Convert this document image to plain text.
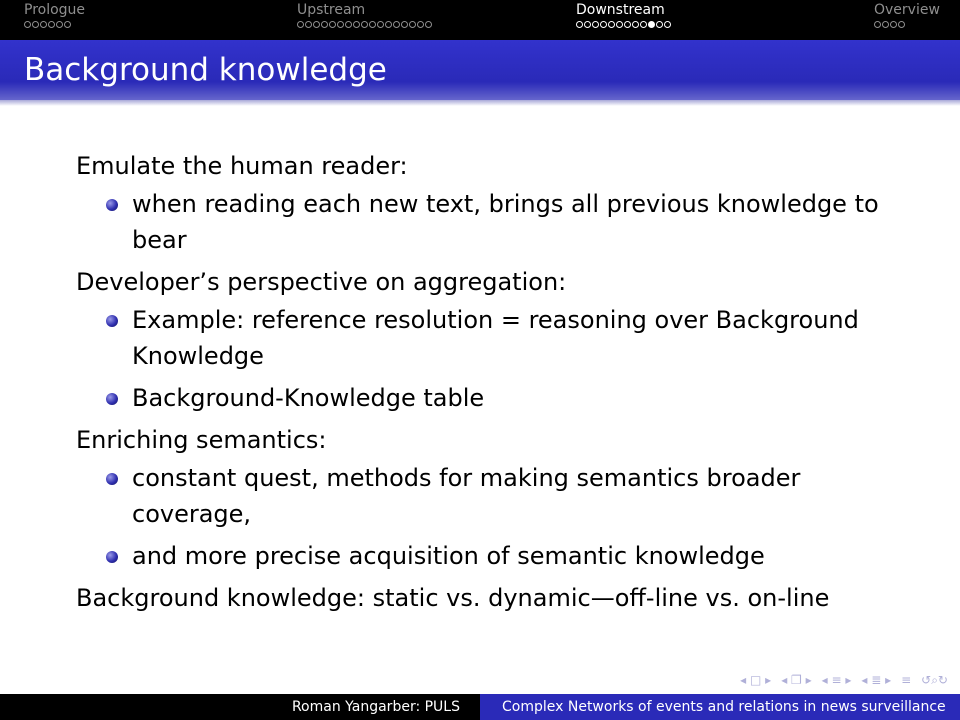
Prologue	Upstream	Downstream	Overview
Background knowledge
Emulate the human reader:
when reading each new text, brings all previous knowledge to bear
Developer’s perspective on aggregation:
Example: reference resolution = reasoning over Background Knowledge
Background-Knowledge table
Enriching semantics:
constant quest, methods for making semantics broader coverage,
and more precise acquisition of semantic knowledge
Background knowledge: static vs. dynamic—off-line vs. on-line
◂ □ ▸ ◂ ❐ ▸ ◂ ≡ ▸ ◂ ≣ ▸ ≡ ↺⌕↻
Roman Yangarber: PULS	Complex Networks of events and relations in news surveillance
